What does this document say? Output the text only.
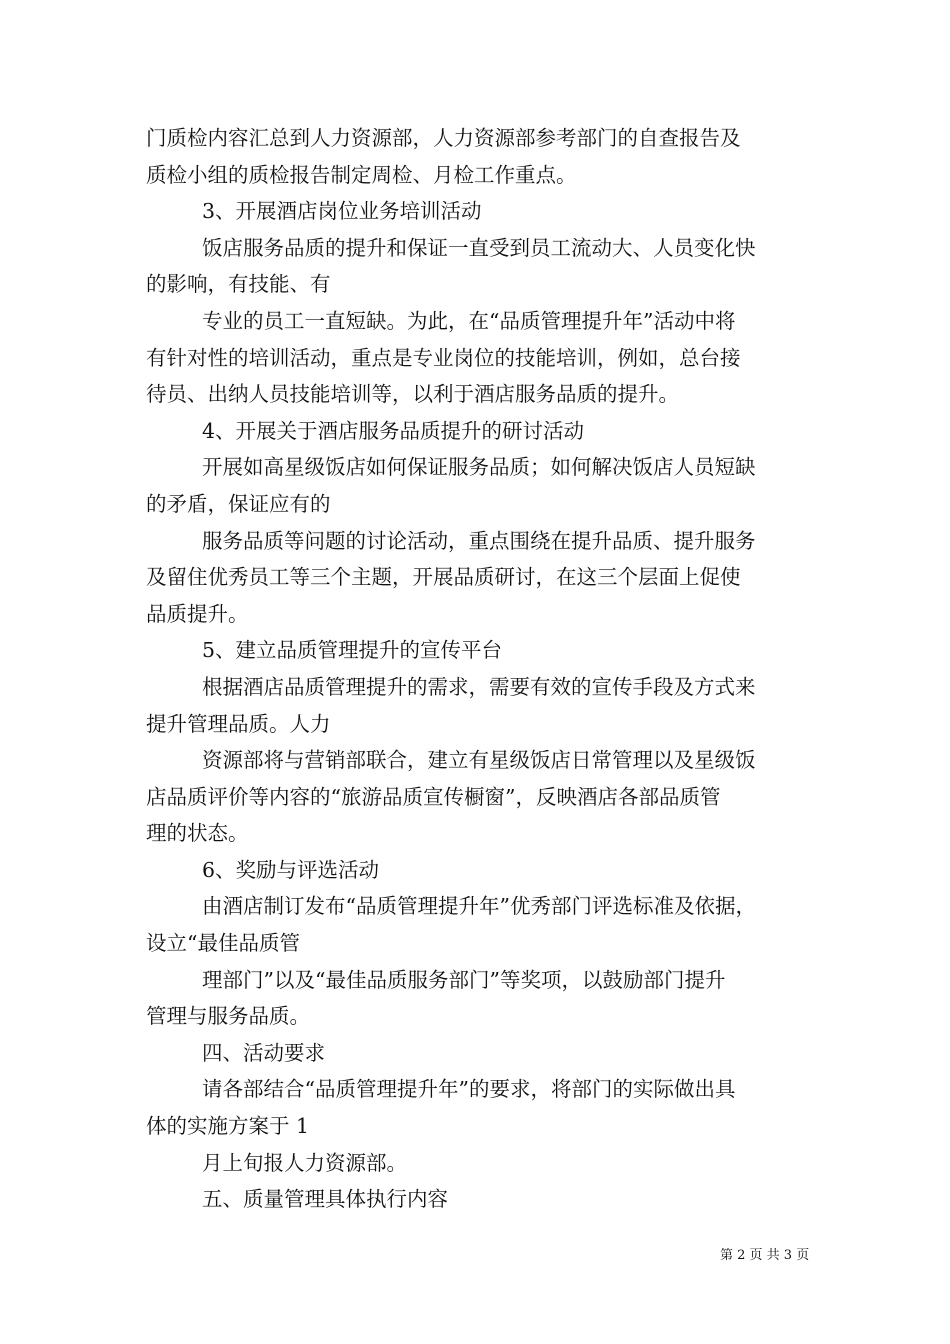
门质检内容汇总到人力资源部，人力资源部参考部门的自查报告及

质检小组的质检报告制定周检、月检工作重点。

3、开展酒店岗位业务培训活动

饭店服务品质的提升和保证一直受到员工流动大、人员变化快

的影响，有技能、有

专业的员工一直短缺。为此，在“品质管理提升年”活动中将

有针对性的培训活动，重点是专业岗位的技能培训，例如，总台接

待员、出纳人员技能培训等，以利于酒店服务品质的提升。

4、开展关于酒店服务品质提升的研讨活动

开展如高星级饭店如何保证服务品质；如何解决饭店人员短缺

的矛盾，保证应有的

服务品质等问题的讨论活动，重点围绕在提升品质、提升服务

及留住优秀员工等三个主题，开展品质研讨，在这三个层面上促使

品质提升。

5、建立品质管理提升的宣传平台

根据酒店品质管理提升的需求，需要有效的宣传手段及方式来

提升管理品质。人力

资源部将与营销部联合，建立有星级饭店日常管理以及星级饭

店品质评价等内容的“旅游品质宣传橱窗”，反映酒店各部品质管

理的状态。

6、奖励与评选活动

由酒店制订发布“品质管理提升年”优秀部门评选标准及依据，

设立“最佳品质管

理部门”以及“最佳品质服务部门”等奖项，以鼓励部门提升

管理与服务品质。

四、活动要求

请各部结合“品质管理提升年”的要求，将部门的实际做出具

体的实施方案于 1

月上旬报人力资源部。

五、质量管理具体执行内容

第 2 页 共 3 页
